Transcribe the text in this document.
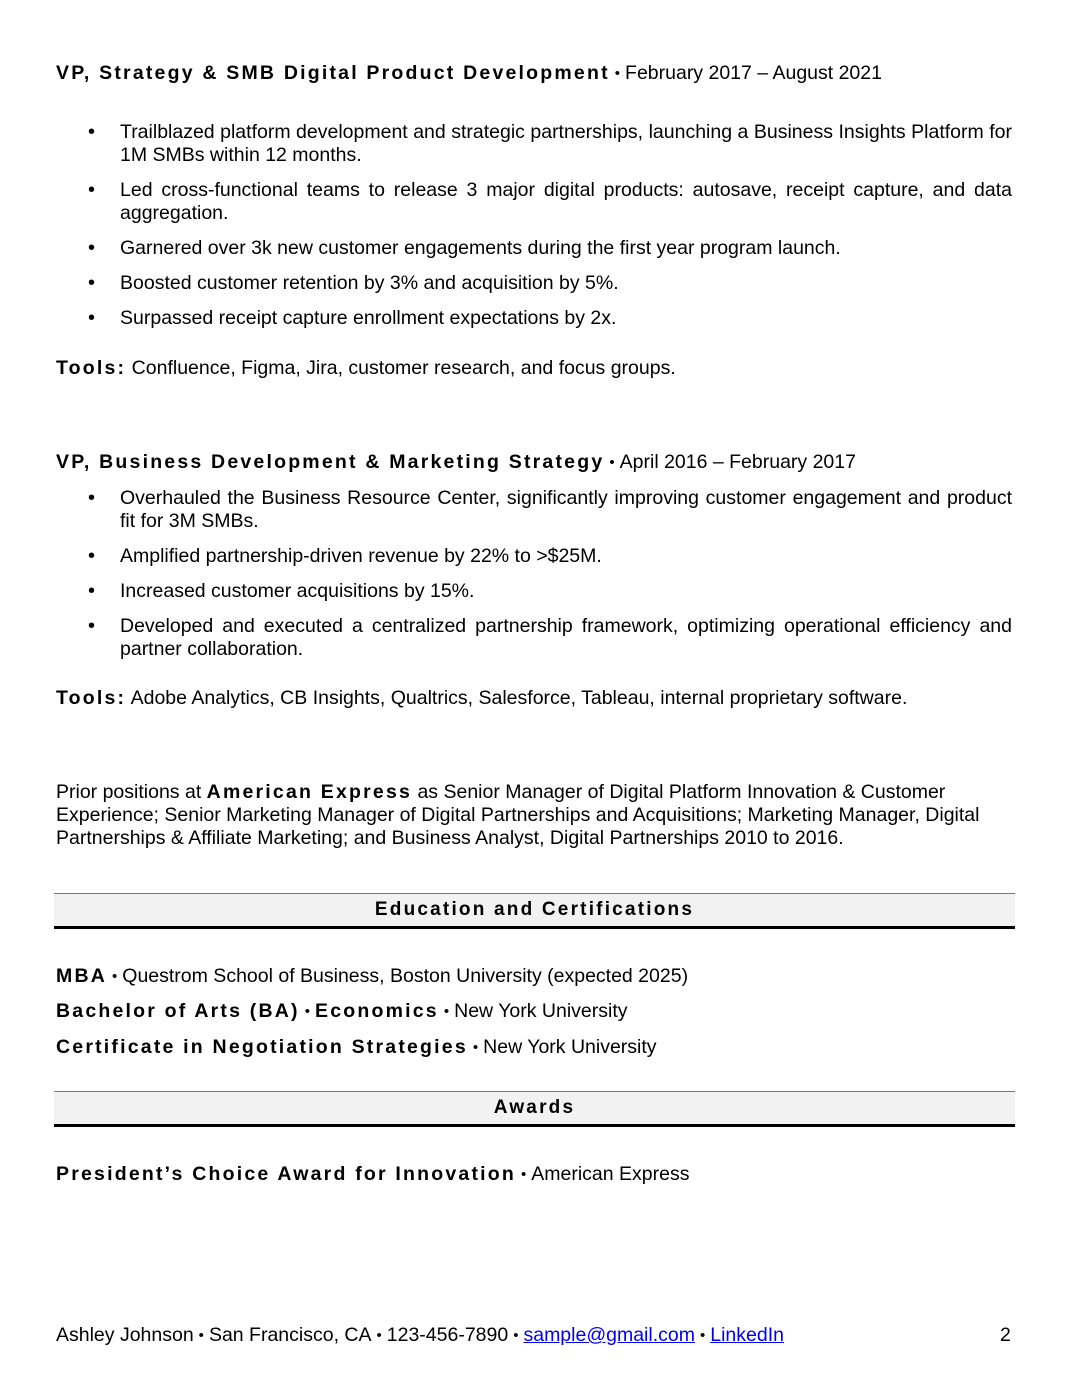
VP, Strategy & SMB Digital Product Development • February 2017 – August 2021
• Trailblazed platform development and strategic partnerships, launching a Business Insights Platform for 1M SMBs within 12 months.
• Led cross-functional teams to release 3 major digital products: autosave, receipt capture, and data aggregation.
• Garnered over 3k new customer engagements during the first year program launch.
• Boosted customer retention by 3% and acquisition by 5%.
• Surpassed receipt capture enrollment expectations by 2x.
Tools: Confluence, Figma, Jira, customer research, and focus groups.
VP, Business Development & Marketing Strategy • April 2016 – February 2017
• Overhauled the Business Resource Center, significantly improving customer engagement and product fit for 3M SMBs.
• Amplified partnership-driven revenue by 22% to >$25M.
• Increased customer acquisitions by 15%.
• Developed and executed a centralized partnership framework, optimizing operational efficiency and partner collaboration.
Tools: Adobe Analytics, CB Insights, Qualtrics, Salesforce, Tableau, internal proprietary software.
Prior positions at American Express as Senior Manager of Digital Platform Innovation & Customer Experience; Senior Marketing Manager of Digital Partnerships and Acquisitions; Marketing Manager, Digital Partnerships & Affiliate Marketing; and Business Analyst, Digital Partnerships 2010 to 2016.
Education and Certifications
MBA • Questrom School of Business, Boston University (expected 2025)
Bachelor of Arts (BA) • Economics • New York University
Certificate in Negotiation Strategies • New York University
Awards
President’s Choice Award for Innovation • American Express
Ashley Johnson • San Francisco, CA • 123-456-7890 • sample@gmail.com • LinkedIn	2
